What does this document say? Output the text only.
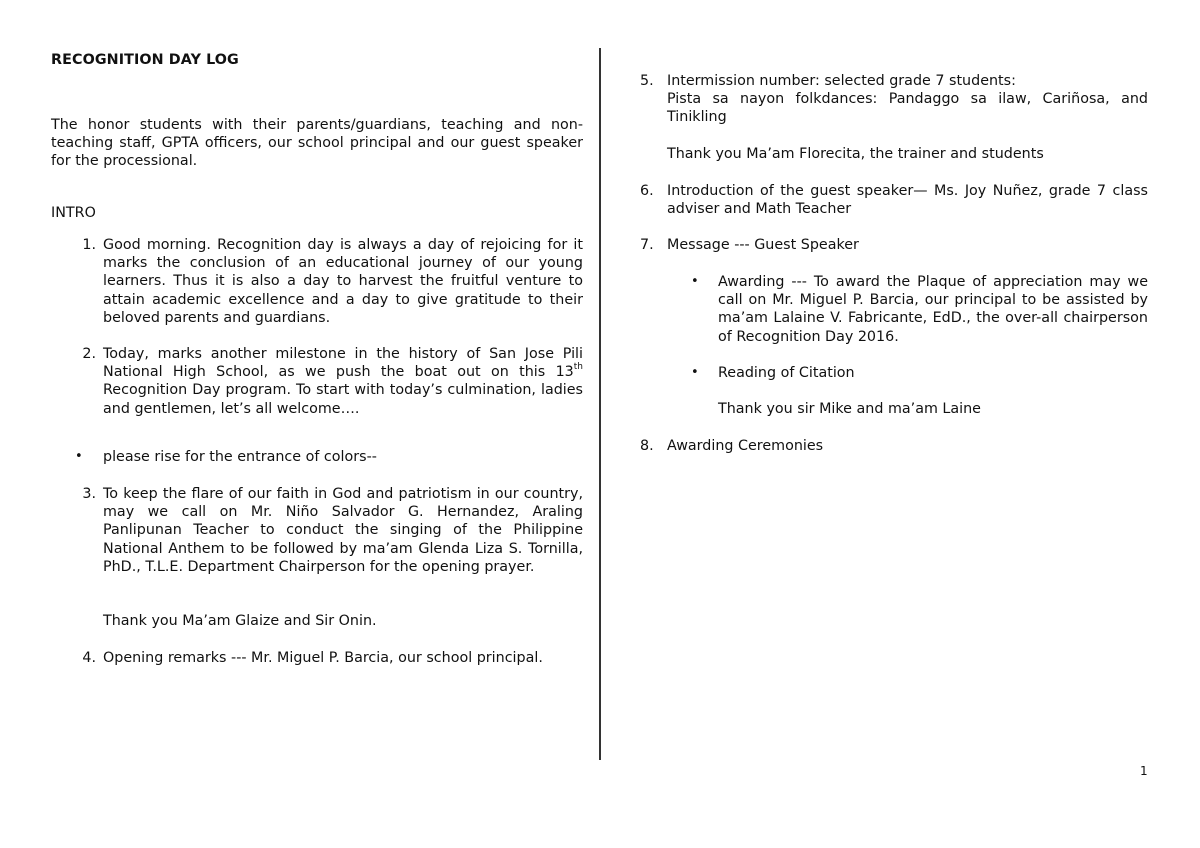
RECOGNITION DAY LOG
The honor students with their parents/guardians, teaching and non-teaching staff, GPTA officers, our school principal and our guest speaker for the processional.
INTRO
1. Good morning. Recognition day is always a day of rejoicing for it marks the conclusion of an educational journey of our young learners. Thus it is also a day to harvest the fruitful venture to attain academic excellence and a day to give gratitude to their beloved parents and guardians.
2. Today, marks another milestone in the history of San Jose Pili National High School, as we push the boat out on this 13th Recognition Day program. To start with today’s culmination, ladies and gentlemen, let’s all welcome….
• please rise for the entrance of colors--
3. To keep the flare of our faith in God and patriotism in our country, may we call on Mr. Niño Salvador G. Hernandez, Araling Panlipunan Teacher to conduct the singing of the Philippine National Anthem to be followed by ma’am Glenda Liza S. Tornilla, PhD., T.L.E. Department Chairperson for the opening prayer.
Thank you Ma’am Glaize and Sir Onin.
4. Opening remarks --- Mr. Miguel P. Barcia, our school principal.
5. Intermission number: selected grade 7 students:
Pista sa nayon folkdances: Pandaggo sa ilaw, Cariñosa, and Tinikling
Thank you Ma’am Florecita, the trainer and students
6. Introduction of the guest speaker— Ms. Joy Nuñez, grade 7 class adviser and Math Teacher
7. Message --- Guest Speaker
• Awarding --- To award the Plaque of appreciation may we call on Mr. Miguel P. Barcia, our principal to be assisted by ma’am Lalaine V. Fabricante, EdD., the over-all chairperson of Recognition Day 2016.
• Reading of Citation
Thank you sir Mike and ma’am Laine
8. Awarding Ceremonies
1
